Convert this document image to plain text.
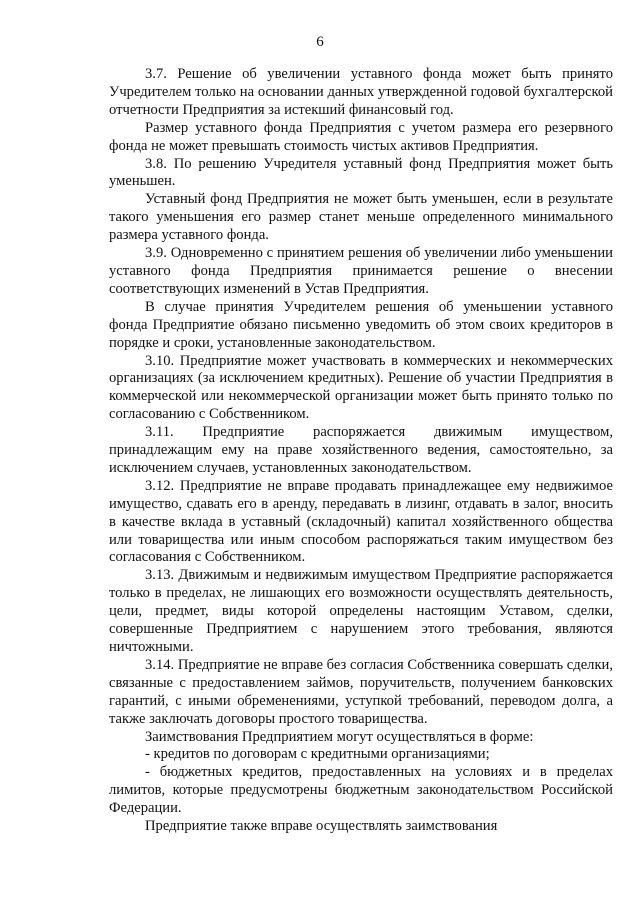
6

3.7. Решение об увеличении уставного фонда может быть принято Учредителем только на основании данных утвержденной годовой бухгалтерской отчетности Предприятия за истекший финансовый год.

Размер уставного фонда Предприятия с учетом размера его резервного фонда не может превышать стоимость чистых активов Предприятия.

3.8. По решению Учредителя уставный фонд Предприятия может быть уменьшен.

Уставный фонд Предприятия не может быть уменьшен, если в результате такого уменьшения его размер станет меньше определенного минимального размера уставного фонда.

3.9. Одновременно с принятием решения об увеличении либо уменьшении уставного фонда Предприятия принимается решение о внесении соответствующих изменений в Устав Предприятия.

В случае принятия Учредителем решения об уменьшении уставного фонда Предприятие обязано письменно уведомить об этом своих кредиторов в порядке и сроки, установленные законодательством.

3.10. Предприятие может участвовать в коммерческих и некоммерческих организациях (за исключением кредитных). Решение об участии Предприятия в коммерческой или некоммерческой организации может быть принято только по согласованию с Собственником.

3.11. Предприятие распоряжается движимым имуществом, принадлежащим ему на праве хозяйственного ведения, самостоятельно, за исключением случаев, установленных законодательством.

3.12. Предприятие не вправе продавать принадлежащее ему недвижимое имущество, сдавать его в аренду, передавать в лизинг, отдавать в залог, вносить в качестве вклада в уставный (складочный) капитал хозяйственного общества или товарищества или иным способом распоряжаться таким имуществом без согласования с Собственником.

3.13. Движимым и недвижимым имуществом Предприятие распоряжается только в пределах, не лишающих его возможности осуществлять деятельность, цели, предмет, виды которой определены настоящим Уставом, сделки, совершенные Предприятием с нарушением этого требования, являются ничтожными.

3.14. Предприятие не вправе без согласия Собственника совершать сделки, связанные с предоставлением займов, поручительств, получением банковских гарантий, с иными обременениями, уступкой требований, переводом долга, а также заключать договоры простого товарищества.

Заимствования Предприятием могут осуществляться в форме:

- кредитов по договорам с кредитными организациями;

- бюджетных кредитов, предоставленных на условиях и в пределах лимитов, которые предусмотрены бюджетным законодательством Российской Федерации.

Предприятие также вправе осуществлять заимствования
